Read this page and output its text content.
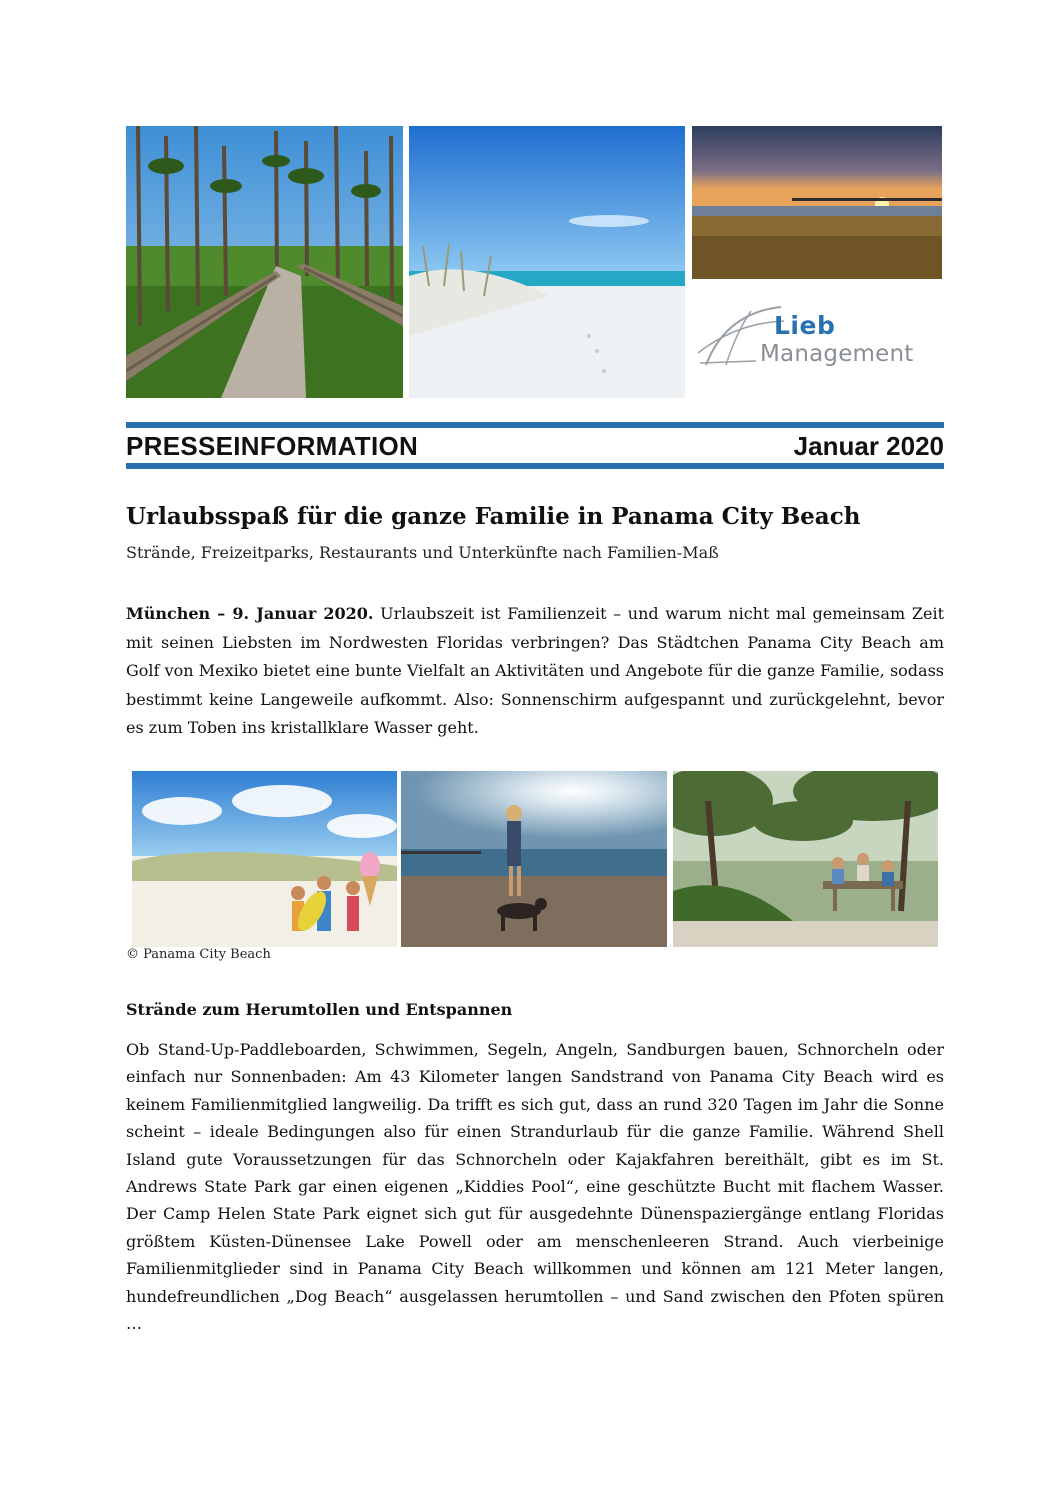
Lieb
Management
PRESSEINFORMATION	Januar 2020
Urlaubsspaß für die ganze Familie in Panama City Beach
Strände, Freizeitparks, Restaurants und Unterkünfte nach Familien-Maß
München – 9. Januar 2020. Urlaubszeit ist Familienzeit – und warum nicht mal gemeinsam Zeit mit seinen Liebsten im Nordwesten Floridas verbringen? Das Städtchen Panama City Beach am Golf von Mexiko bietet eine bunte Vielfalt an Aktivitäten und Angebote für die ganze Familie, sodass bestimmt keine Langeweile aufkommt. Also: Sonnenschirm aufgespannt und zurückgelehnt, bevor es zum Toben ins kristallklare Wasser geht.
© Panama City Beach
Strände zum Herumtollen und Entspannen
Ob Stand-Up-Paddleboarden, Schwimmen, Segeln, Angeln, Sandburgen bauen, Schnorcheln oder einfach nur Sonnenbaden: Am 43 Kilometer langen Sandstrand von Panama City Beach wird es keinem Familienmitglied langweilig. Da trifft es sich gut, dass an rund 320 Tagen im Jahr die Sonne scheint – ideale Bedingungen also für einen Strandurlaub für die ganze Familie. Während Shell Island gute Voraussetzungen für das Schnorcheln oder Kajakfahren bereithält, gibt es im St. Andrews State Park gar einen eigenen „Kiddies Pool“, eine geschützte Bucht mit flachem Wasser. Der Camp Helen State Park eignet sich gut für ausgedehnte Dünenspaziergänge entlang Floridas größtem Küsten-Dünensee Lake Powell oder am menschenleeren Strand. Auch vierbeinige Familienmitglieder sind in Panama City Beach willkommen und können am 121 Meter langen, hundefreundlichen „Dog Beach“ ausgelassen herumtollen – und Sand zwischen den Pfoten spüren …
